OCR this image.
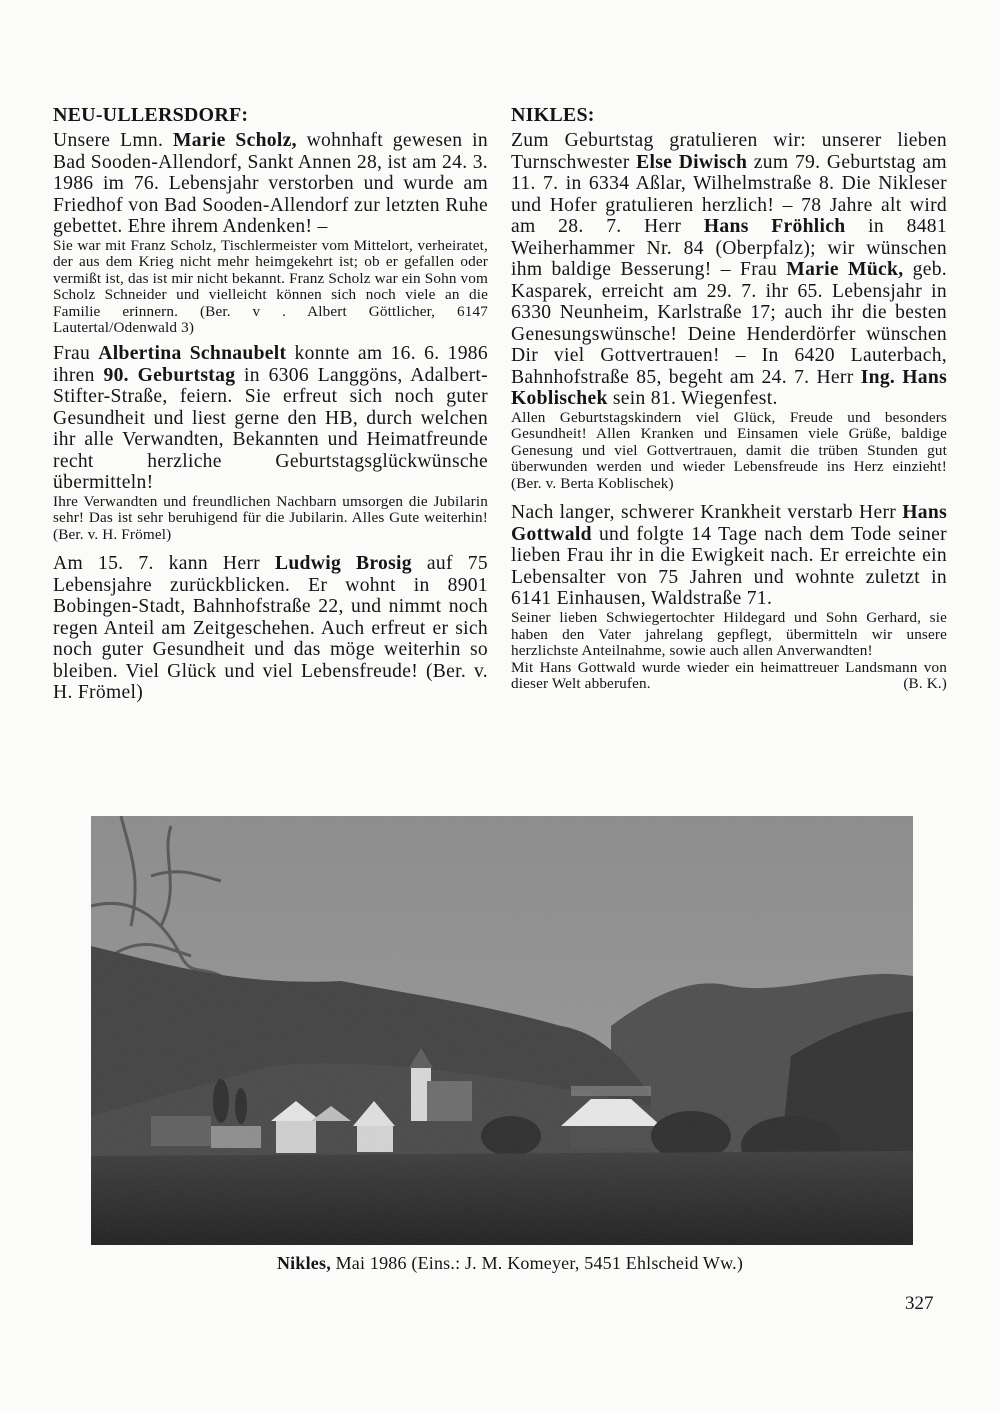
NEU-ULLERSDORF:

Unsere Lmn. Marie Scholz, wohnhaft gewesen in Bad Sooden-Allendorf, Sankt Annen 28, ist am 24. 3. 1986 im 76. Lebensjahr verstorben und wurde am Friedhof von Bad Sooden-Allendorf zur letzten Ruhe gebettet. Ehre ihrem Andenken! –

Sie war mit Franz Scholz, Tischlermeister vom Mittelort, verheiratet, der aus dem Krieg nicht mehr heimgekehrt ist; ob er gefallen oder vermißt ist, das ist mir nicht bekannt. Franz Scholz war ein Sohn vom Scholz Schneider und vielleicht können sich noch viele an die Familie erinnern. (Ber. v . Albert Göttlicher, 6147 Lautertal/Odenwald 3)

Frau Albertina Schnaubelt konnte am 16. 6. 1986 ihren 90. Geburtstag in 6306 Langgöns, Adalbert-Stifter-Straße, feiern. Sie erfreut sich noch guter Gesundheit und liest gerne den HB, durch welchen ihr alle Verwandten, Bekannten und Heimatfreunde recht herzliche Geburtstagsglückwünsche übermitteln!

Ihre Verwandten und freundlichen Nachbarn umsorgen die Jubilarin sehr! Das ist sehr beruhigend für die Jubilarin. Alles Gute weiterhin! (Ber. v. H. Frömel)

Am 15. 7. kann Herr Ludwig Brosig auf 75 Lebensjahre zurückblicken. Er wohnt in 8901 Bobingen-Stadt, Bahnhofstraße 22, und nimmt noch regen Anteil am Zeitgeschehen. Auch erfreut er sich noch guter Gesundheit und das möge weiterhin so bleiben. Viel Glück und viel Lebensfreude! (Ber. v. H. Frömel)

NIKLES:

Zum Geburtstag gratulieren wir: unserer lieben Turnschwester Else Diwisch zum 79. Geburtstag am 11. 7. in 6334 Aßlar, Wilhelmstraße 8. Die Nikleser und Hofer gratulieren herzlich! – 78 Jahre alt wird am 28. 7. Herr Hans Fröhlich in 8481 Weiherhammer Nr. 84 (Oberpfalz); wir wünschen ihm baldige Besserung! – Frau Marie Mück, geb. Kasparek, erreicht am 29. 7. ihr 65. Lebensjahr in 6330 Neunheim, Karlstraße 17; auch ihr die besten Genesungswünsche! Deine Henderdörfer wünschen Dir viel Gottvertrauen! – In 6420 Lauterbach, Bahnhofstraße 85, begeht am 24. 7. Herr Ing. Hans Koblischek sein 81. Wiegenfest.

Allen Geburtstagskindern viel Glück, Freude und besonders Gesundheit! Allen Kranken und Einsamen viele Grüße, baldige Genesung und viel Gottvertrauen, damit die trüben Stunden gut überwunden werden und wieder Lebensfreude ins Herz einzieht! (Ber. v. Berta Koblischek)

Nach langer, schwerer Krankheit verstarb Herr Hans Gottwald und folgte 14 Tage nach dem Tode seiner lieben Frau ihr in die Ewigkeit nach. Er erreichte ein Lebensalter von 75 Jahren und wohnte zuletzt in 6141 Einhausen, Waldstraße 71.

Seiner lieben Schwiegertochter Hildegard und Sohn Gerhard, sie haben den Vater jahrelang gepflegt, übermitteln wir unsere herzlichste Anteilnahme, sowie auch allen Anverwandten!

Mit Hans Gottwald wurde wieder ein heimattreuer Landsmann von dieser Welt abberufen.	(B. K.)

Nikles, Mai 1986 (Eins.: J. M. Komeyer, 5451 Ehlscheid Ww.)
327
